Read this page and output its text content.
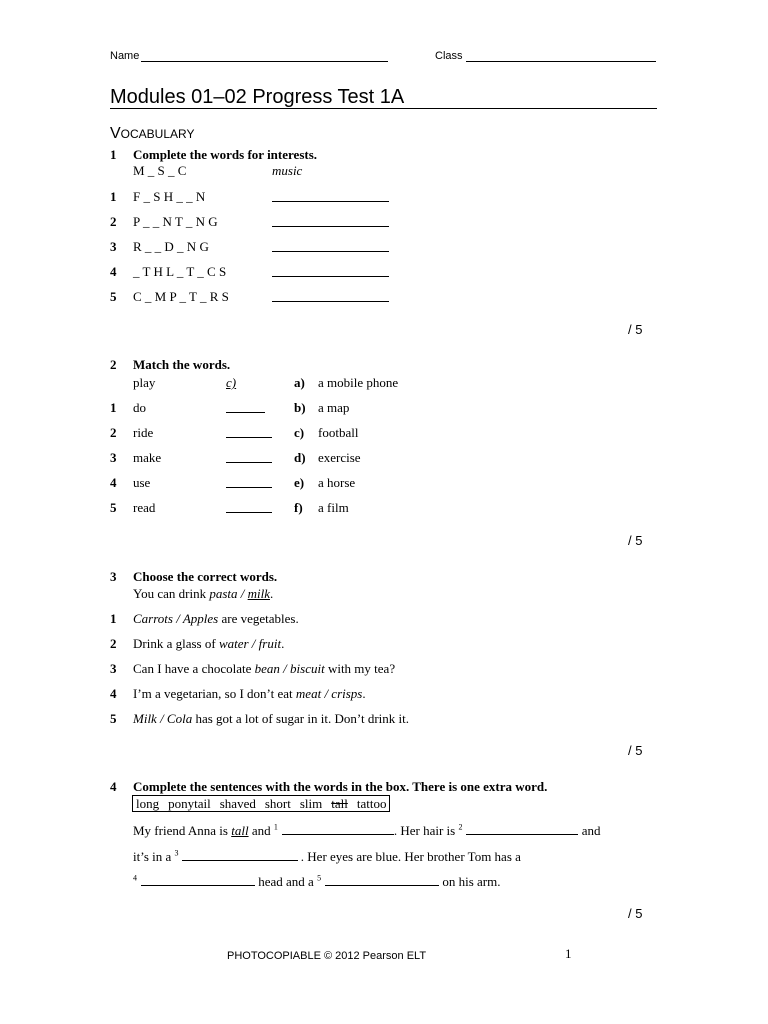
Name	Class
Modules 01–02 Progress Test 1A
VOCABULARY
1 Complete the words for interests.
M _ S _ C	music
1 F _ S H _ _ N
2 P _ _ N T _ N G
3 R _ _ D _ N G
4 _ T H L _ T _ C S
5 C _ M P _ T _ R S
/ 5
2 Match the words.
play	c)	a) a mobile phone
1 do	b) a map
2 ride	c) football
3 make	d) exercise
4 use	e) a horse
5 read	f) a film
/ 5
3 Choose the correct words.
You can drink pasta / milk.
1 Carrots / Apples are vegetables.
2 Drink a glass of water / fruit.
3 Can I have a chocolate bean / biscuit with my tea?
4 I’m a vegetarian, so I don’t eat meat / crisps.
5 Milk / Cola has got a lot of sugar in it. Don’t drink it.
/ 5
4 Complete the sentences with the words in the box. There is one extra word.
long ponytail shaved short slim tall tattoo
My friend Anna is tall and $^1$	. Her hair is $^2$	and
it’s in a $^3$	. Her eyes are blue. Her brother Tom has a
$^4$	head and a $^5$	on his arm.
/ 5
PHOTOCOPIABLE © 2012 Pearson ELT	1
